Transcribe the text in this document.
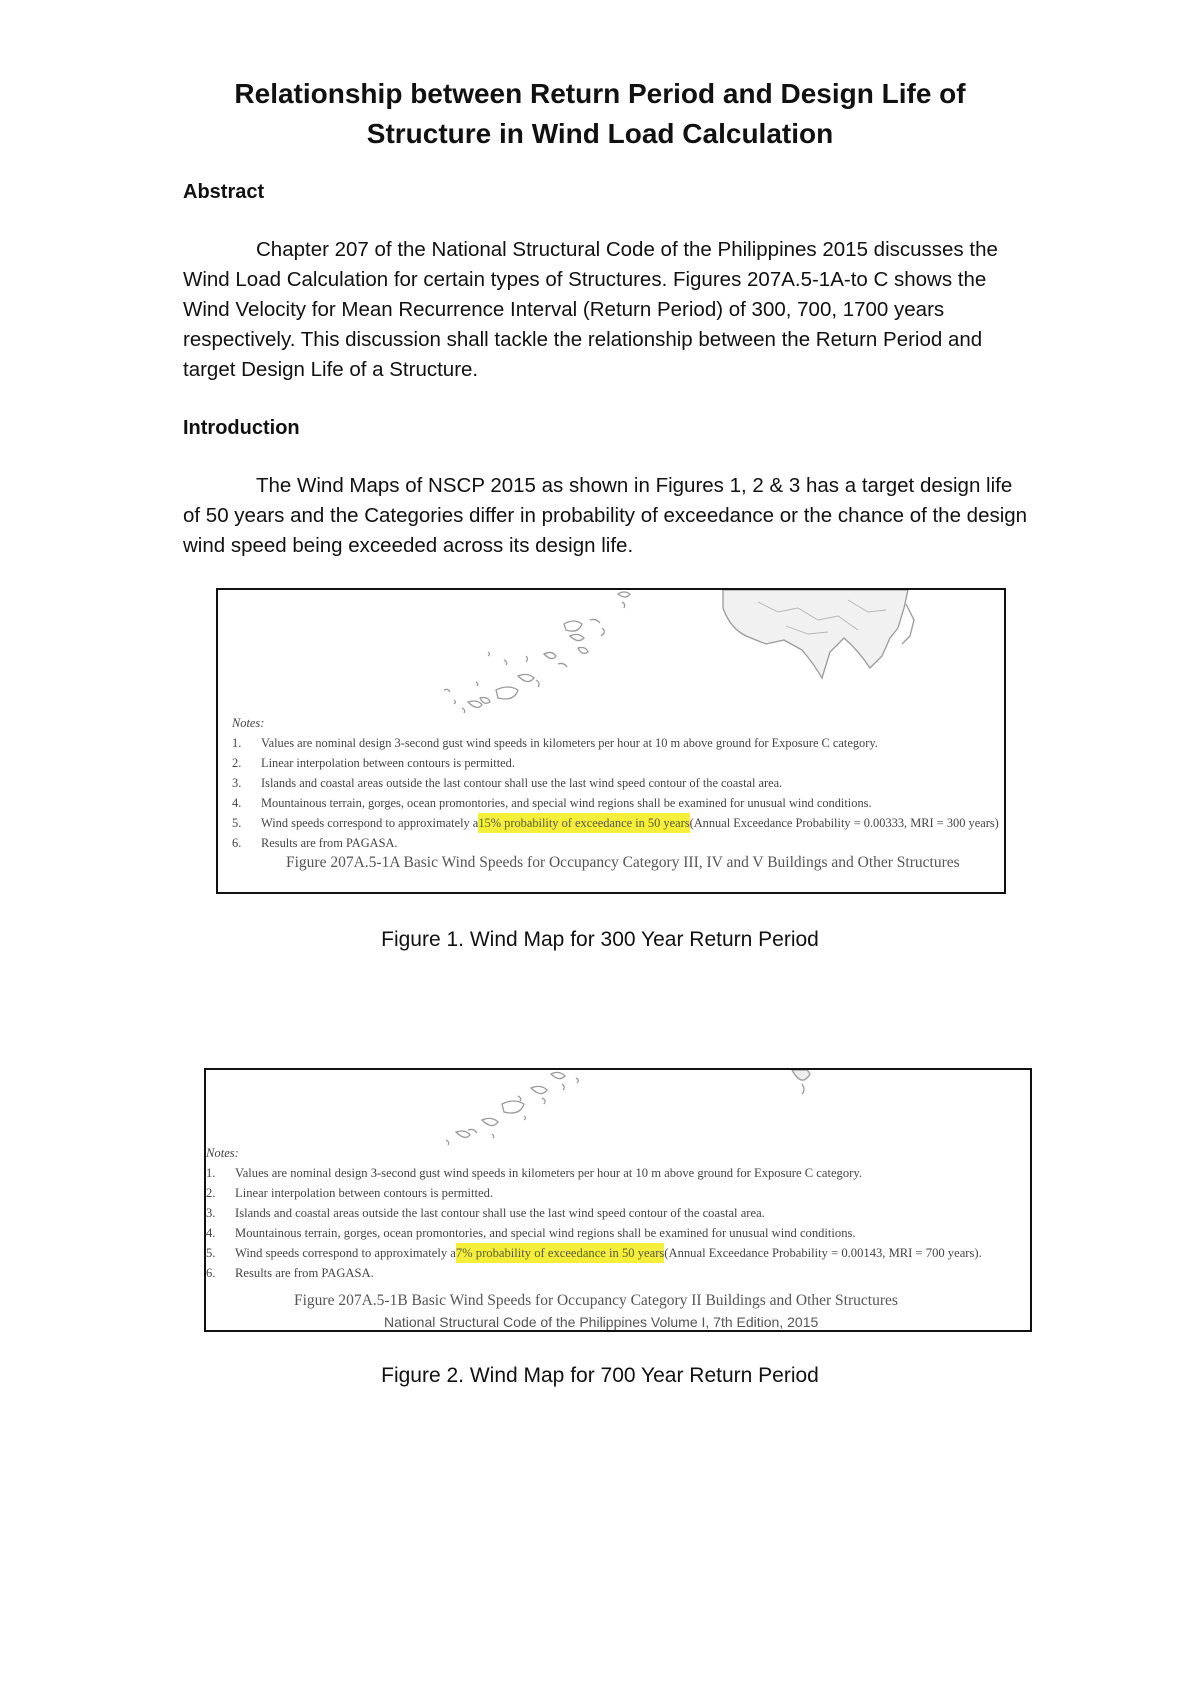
Relationship between Return Period and Design Life of
Structure in Wind Load Calculation
Abstract

Chapter 207 of the National Structural Code of the Philippines 2015 discusses the Wind Load Calculation for certain types of Structures. Figures 207A.5-1A-to C shows the Wind Velocity for Mean Recurrence Interval (Return Period) of 300, 700, 1700 years respectively. This discussion shall tackle the relationship between the Return Period and target Design Life of a Structure.

Introduction

The Wind Maps of NSCP 2015 as shown in Figures 1, 2 & 3 has a target design life of 50 years and the Categories differ in probability of exceedance or the chance of the design wind speed being exceeded across its design life.

Notes:
1.	Values are nominal design 3-second gust wind speeds in kilometers per hour at 10 m above ground for Exposure C category.
2.	Linear interpolation between contours is permitted.
3.	Islands and coastal areas outside the last contour shall use the last wind speed contour of the coastal area.
4.	Mountainous terrain, gorges, ocean promontories, and special wind regions shall be examined for unusual wind conditions.
5.	Wind speeds correspond to approximately a 15% probability of exceedance in 50 years (Annual Exceedance Probability = 0.00333, MRI = 300 years)
6.	Results are from PAGASA.
Figure 207A.5-1A Basic Wind Speeds for Occupancy Category III, IV and V Buildings and Other Structures
Figure 1. Wind Map for 300 Year Return Period
Notes:
1.	Values are nominal design 3-second gust wind speeds in kilometers per hour at 10 m above ground for Exposure C category.
2.	Linear interpolation between contours is permitted.
3.	Islands and coastal areas outside the last contour shall use the last wind speed contour of the coastal area.
4.	Mountainous terrain, gorges, ocean promontories, and special wind regions shall be examined for unusual wind conditions.
5.	Wind speeds correspond to approximately a 7% probability of exceedance in 50 years (Annual Exceedance Probability = 0.00143, MRI = 700 years).
6.	Results are from PAGASA.
Figure 207A.5-1B Basic Wind Speeds for Occupancy Category II Buildings and Other Structures
National Structural Code of the Philippines Volume I, 7th Edition, 2015
Figure 2. Wind Map for 700 Year Return Period
